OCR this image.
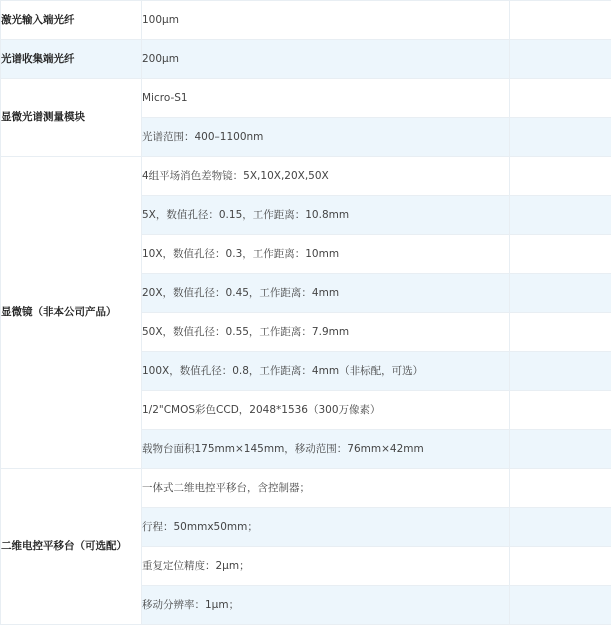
激光输入端光纤	100μm	
光谱收集端光纤	200μm	
显微光谱测量模块	Micro-S1	
	光谱范围：400–1100nm	
显微镜（非本公司产品）	4组平场消色差物镜：5X,10X,20X,50X	
	5X，数值孔径：0.15，工作距离：10.8mm	
	10X，数值孔径：0.3，工作距离：10mm	
	20X，数值孔径：0.45，工作距离：4mm	
	50X，数值孔径：0.55，工作距离：7.9mm	
	100X，数值孔径：0.8，工作距离：4mm（非标配，可选）	
	1/2"CMOS彩色CCD，2048*1536（300万像素）	
	载物台面积175mm×145mm，移动范围：76mm×42mm	
二维电控平移台（可选配）	一体式二维电控平移台，含控制器；	
	行程：50mmx50mm；	
	重复定位精度：2μm；	
	移动分辨率：1μm；	
